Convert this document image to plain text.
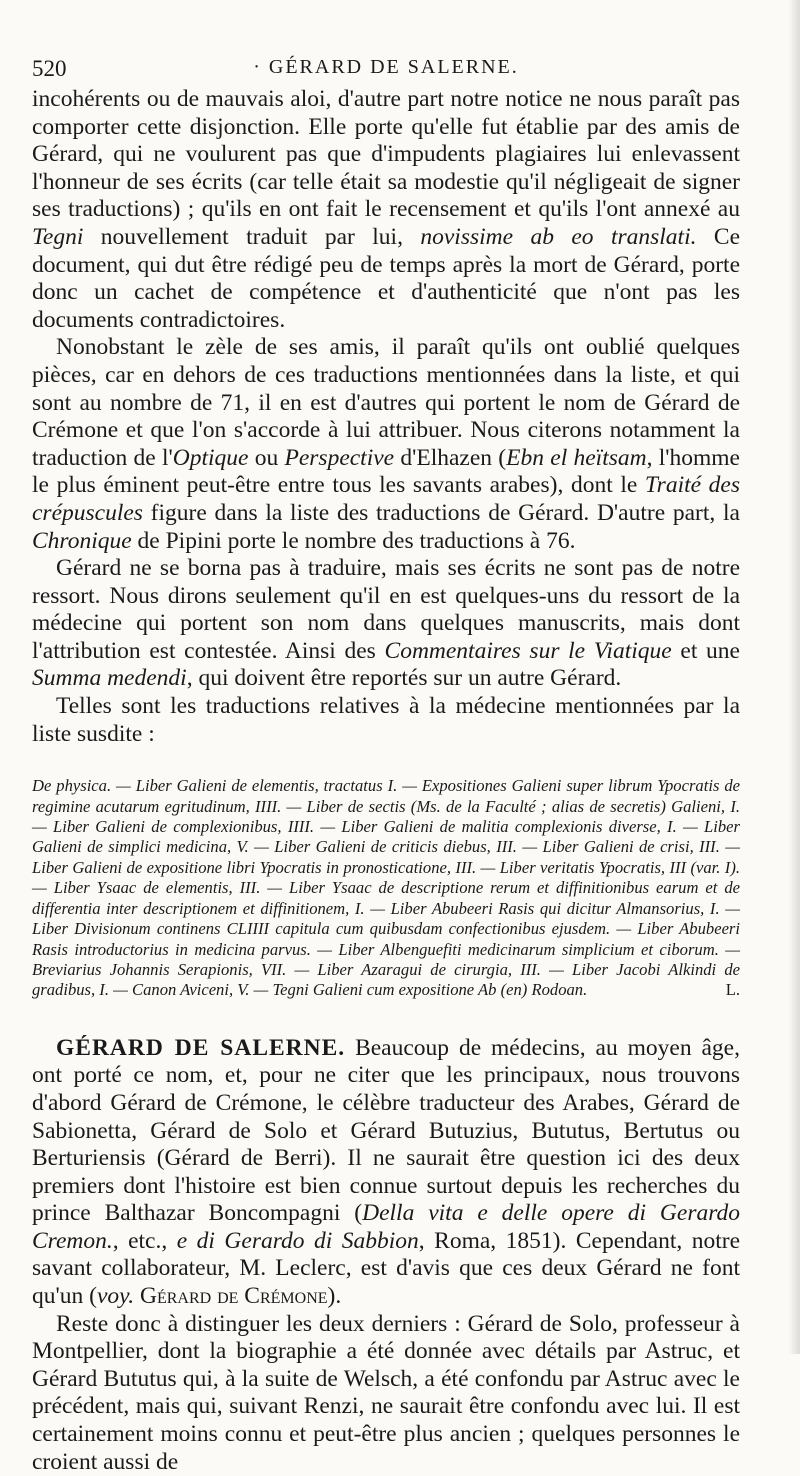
520	· GÉRARD DE SALERNE.

incohérents ou de mauvais aloi, d'autre part notre notice ne nous paraît pas comporter cette disjonction. Elle porte qu'elle fut établie par des amis de Gérard, qui ne voulurent pas que d'impudents plagiaires lui enlevassent l'honneur de ses écrits (car telle était sa modestie qu'il négligeait de signer ses traductions) ; qu'ils en ont fait le recensement et qu'ils l'ont annexé au Tegni nouvellement traduit par lui, novissime ab eo translati. Ce document, qui dut être rédigé peu de temps après la mort de Gérard, porte donc un cachet de compétence et d'authenticité que n'ont pas les documents contradictoires.

Nonobstant le zèle de ses amis, il paraît qu'ils ont oublié quelques pièces, car en dehors de ces traductions mentionnées dans la liste, et qui sont au nombre de 71, il en est d'autres qui portent le nom de Gérard de Crémone et que l'on s'accorde à lui attribuer. Nous citerons notamment la traduction de l'Optique ou Perspective d'Elhazen (Ebn el heïtsam, l'homme le plus éminent peut-être entre tous les savants arabes), dont le Traité des crépuscules figure dans la liste des traductions de Gérard. D'autre part, la Chronique de Pipini porte le nombre des traductions à 76.

Gérard ne se borna pas à traduire, mais ses écrits ne sont pas de notre ressort. Nous dirons seulement qu'il en est quelques-uns du ressort de la médecine qui portent son nom dans quelques manuscrits, mais dont l'attribution est contestée. Ainsi des Commentaires sur le Viatique et une Summa medendi, qui doivent être reportés sur un autre Gérard.

Telles sont les traductions relatives à la médecine mentionnées par la liste susdite :

De physica. — Liber Galieni de elementis, tractatus I. — Expositiones Galieni super librum Ypocratis de regimine acutarum egritudinum, IIII. — Liber de sectis (Ms. de la Faculté ; alias de secretis) Galieni, I. — Liber Galieni de complexionibus, IIII. — Liber Galieni de malitia complexionis diverse, I. — Liber Galieni de simplici medicina, V. — Liber Galieni de criticis diebus, III. — Liber Galieni de crisi, III. — Liber Galieni de expositione libri Ypocratis in pronosticatione, III. — Liber veritatis Ypocratis, III (var. I). — Liber Ysaac de elementis, III. — Liber Ysaac de descriptione rerum et diffinitionibus earum et de differentia inter descriptionem et diffinitionem, I. — Liber Abubeeri Rasis qui dicitur Almansorius, I. — Liber Divisionum continens CLIIII capitula cum quibusdam confectionibus ejusdem. — Liber Abubeeri Rasis introductorius in medicina parvus. — Liber Albenguefiti medicinarum simplicium et ciborum. — Breviarius Johannis Serapionis, VII. — Liber Azaragui de cirurgia, III. — Liber Jacobi Alkindi de gradibus, I. — Canon Aviceni, V. — Tegni Galieni cum expositione Ab (en) Rodoan.	L.

GÉRARD DE SALERNE. Beaucoup de médecins, au moyen âge, ont porté ce nom, et, pour ne citer que les principaux, nous trouvons d'abord Gérard de Crémone, le célèbre traducteur des Arabes, Gérard de Sabionetta, Gérard de Solo et Gérard Butuzius, Bututus, Bertutus ou Berturiensis (Gérard de Berri). Il ne saurait être question ici des deux premiers dont l'histoire est bien connue surtout depuis les recherches du prince Balthazar Boncompagni (Della vita e delle opere di Gerardo Cremon., etc., e di Gerardo di Sabbion, Roma, 1851). Cependant, notre savant collaborateur, M. Leclerc, est d'avis que ces deux Gérard ne font qu'un (voy. Gérard de Crémone).

Reste donc à distinguer les deux derniers : Gérard de Solo, professeur à Montpellier, dont la biographie a été donnée avec détails par Astruc, et Gérard Bututus qui, à la suite de Welsch, a été confondu par Astruc avec le précédent, mais qui, suivant Renzi, ne saurait être confondu avec lui. Il est certainement moins connu et peut-être plus ancien ; quelques personnes le croient aussi de
